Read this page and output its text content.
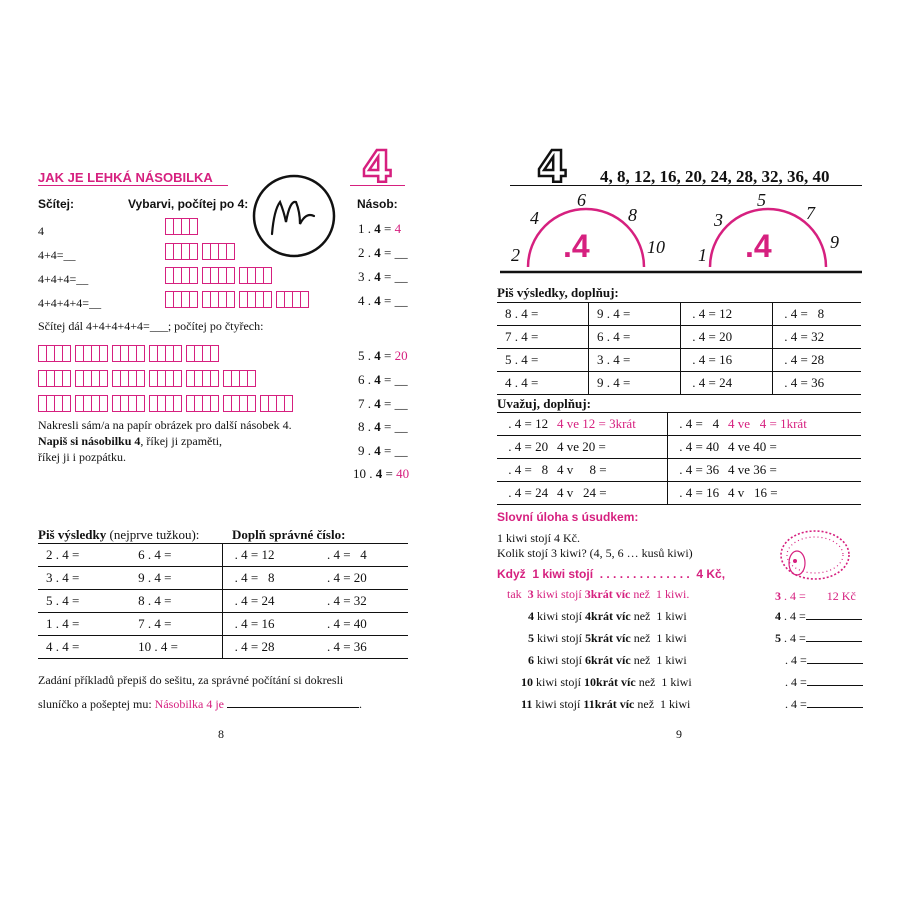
JAK JE LEHKÁ NÁSOBILKA	4
Sčítej:	Vybarvi, počítej po 4:	Násob:
4
4+4=__
4+4+4=__
4+4+4+4=__
1 . 4 = 4
2 . 4 = __
3 . 4 = __
4 . 4 = __
5 . 4 = 20
6 . 4 = __
7 . 4 = __
8 . 4 = __
9 . 4 = __
10 . 4 = 40
Sčítej dál 4+4+4+4+4=___; počítej po čtyřech:
Nakresli sám/a na papír obrázek pro další násobek 4.
Napiš si násobilku 4, říkej ji zpaměti,
říkej ji i pozpátku.
Piš výsledky (nejprve tužkou):	Doplň správné číslo:
2 . 4 =	6 . 4 =	. 4 = 12	. 4 =   4
3 . 4 =	9 . 4 =	. 4 =   8	. 4 = 20
5 . 4 =	8 . 4 =	. 4 = 24	. 4 = 32
1 . 4 =	7 . 4 =	. 4 = 16	. 4 = 40
4 . 4 =	10 . 4 =	. 4 = 28	. 4 = 36
Zadání příkladů přepiš do sešitu, za správné počítání si dokresli
sluníčko a pošeptej mu: Násobilka 4 je	.
8
4 4, 8, 12, 16, 20, 24, 28, 32, 36, 40
2
4
6
8
10 1
3
5
7
9
.4	.4
Piš výsledky, doplňuj:
8 . 4 =	9 . 4 =	. 4 = 12	. 4 =   8
7 . 4 =	6 . 4 =	. 4 = 20	. 4 = 32
5 . 4 =	3 . 4 =	. 4 = 16	. 4 = 28
4 . 4 =	9 . 4 =	. 4 = 24	. 4 = 36
Uvažuj, doplňuj:
. 4 = 12	4 ve 12 = 3krát	. 4 =   4	4 ve   4 = 1krát
. 4 = 20	4 ve 20 =	. 4 = 40	4 ve 40 =
. 4 =   8	4 v     8 =	. 4 = 36	4 ve 36 =
. 4 = 24	4 v   24 =	. 4 = 16	4 v   16 =
Slovní úloha s úsudkem:
1 kiwi stojí 4 Kč.
Kolik stojí 3 kiwi? (4, 5, 6 … kusů kiwi)
Když  1 kiwi stojí  . . . . . . . . . . . . . .  4 Kč,
tak  3 kiwi stojí 3krát víc než  1 kiwi.
4 kiwi stojí 4krát víc než  1 kiwi
5 kiwi stojí 5krát víc než  1 kiwi
6 kiwi stojí 6krát víc než  1 kiwi
10 kiwi stojí 10krát víc než  1 kiwi
11 kiwi stojí 11krát víc než  1 kiwi
3 . 4 = 12 Kč
4 . 4 =
5 . 4 =
. 4 =
. 4 =
. 4 =
9
